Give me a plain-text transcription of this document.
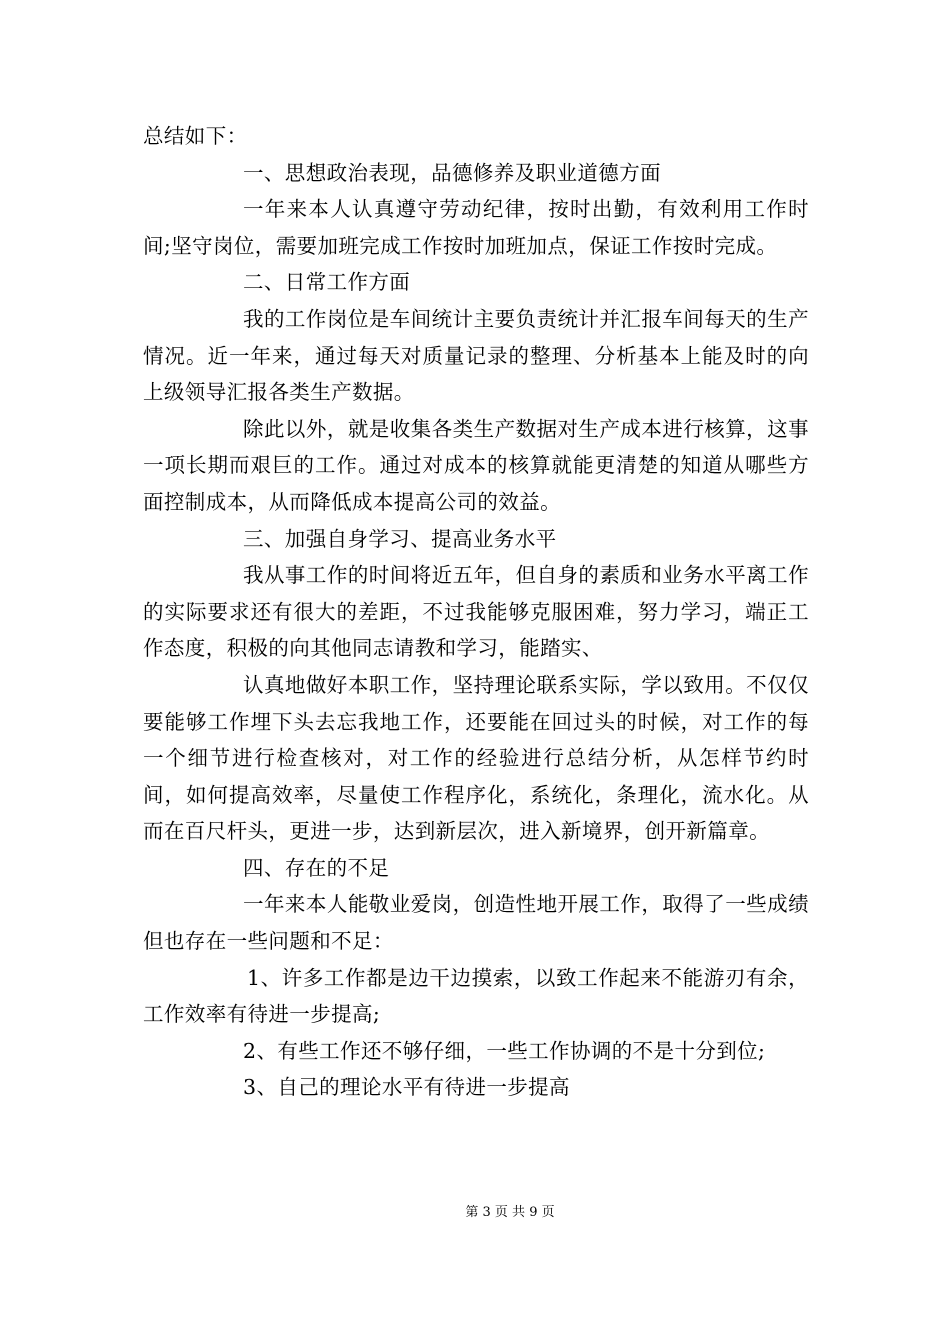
总结如下：

一、思想政治表现，品德修养及职业道德方面

一年来本人认真遵守劳动纪律，按时出勤，有效利用工作时间;坚守岗位，需要加班完成工作按时加班加点，保证工作按时完成。

二、日常工作方面

我的工作岗位是车间统计主要负责统计并汇报车间每天的生产情况。近一年来，通过每天对质量记录的整理、分析基本上能及时的向上级领导汇报各类生产数据。

除此以外，就是收集各类生产数据对生产成本进行核算，这事一项长期而艰巨的工作。通过对成本的核算就能更清楚的知道从哪些方面控制成本，从而降低成本提高公司的效益。

三、加强自身学习、提高业务水平

我从事工作的时间将近五年，但自身的素质和业务水平离工作的实际要求还有很大的差距，不过我能够克服困难，努力学习，端正工作态度，积极的向其他同志请教和学习，能踏实、

认真地做好本职工作，坚持理论联系实际，学以致用。不仅仅要能够工作埋下头去忘我地工作，还要能在回过头的时候，对工作的每一个细节进行检查核对，对工作的经验进行总结分析，从怎样节约时间，如何提高效率，尽量使工作程序化，系统化，条理化，流水化。从而在百尺杆头，更进一步，达到新层次，进入新境界，创开新篇章。

四、存在的不足

一年来本人能敬业爱岗，创造性地开展工作，取得了一些成绩但也存在一些问题和不足：

1、许多工作都是边干边摸索，以致工作起来不能游刃有余，工作效率有待进一步提高;

2、有些工作还不够仔细，一些工作协调的不是十分到位;

3、自己的理论水平有待进一步提高

第 3 页 共 9 页
